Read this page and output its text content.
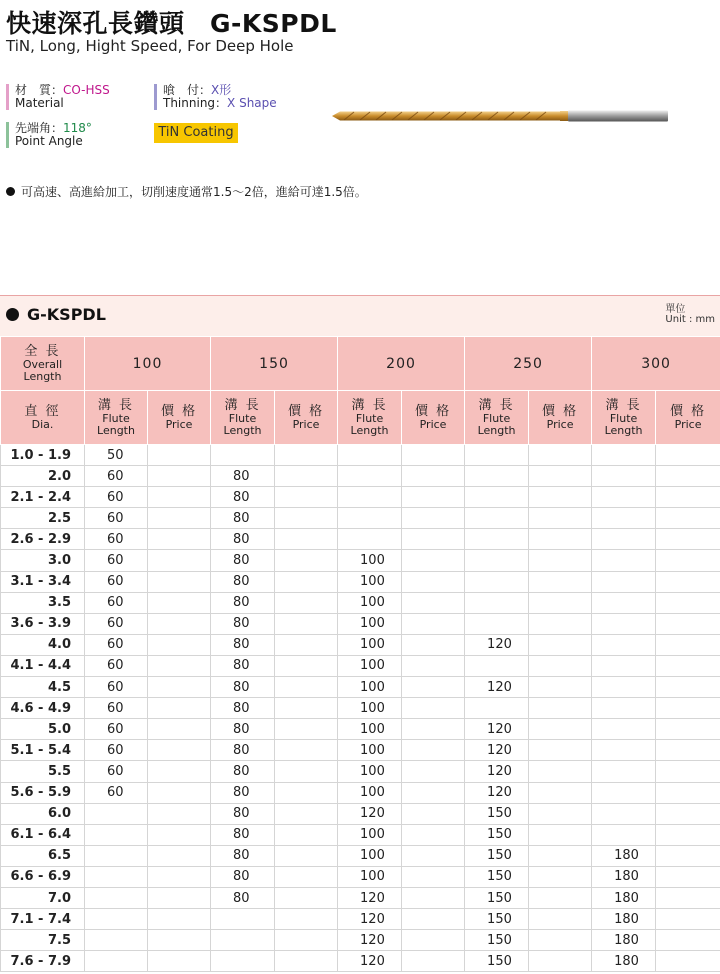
快速深孔長鑽頭　G-KSPDL
TiN, Long, Hight Speed, For Deep Hole
材　質：CO-HSS
Material
喰　付：X形
Thinning：X Shape
先端角：118°
Point Angle
TiN Coating
可高速、高進給加工，切削速度通常1.5～2倍，進給可達1.5倍。
G-KSPDL	單位
Unit : mm
全 長
Overall
Length	100		150		200		250		300	

直 徑
Dia.	溝 長
Flute
Length	價 格
Price	溝 長
Flute
Length	價 格
Price	溝 長
Flute
Length	價 格
Price	溝 長
Flute
Length	價 格
Price	溝 長
Flute
Length	價 格
Price

1.0 - 1.9	50									
2.0	60		80							
2.1 - 2.4	60		80							
2.5	60		80							
2.6 - 2.9	60		80							
3.0	60		80		100					
3.1 - 3.4	60		80		100					
3.5	60		80		100					
3.6 - 3.9	60		80		100					
4.0	60		80		100		120			
4.1 - 4.4	60		80		100					
4.5	60		80		100		120			
4.6 - 4.9	60		80		100					
5.0	60		80		100		120			
5.1 - 5.4	60		80		100		120			
5.5	60		80		100		120			
5.6 - 5.9	60		80		100		120			
6.0			80		120		150			
6.1 - 6.4			80		100		150			
6.5			80		100		150		180	
6.6 - 6.9			80		100		150		180	
7.0			80		120		150		180	
7.1 - 7.4					120		150		180	
7.5					120		150		180	
7.6 - 7.9					120		150		180	
